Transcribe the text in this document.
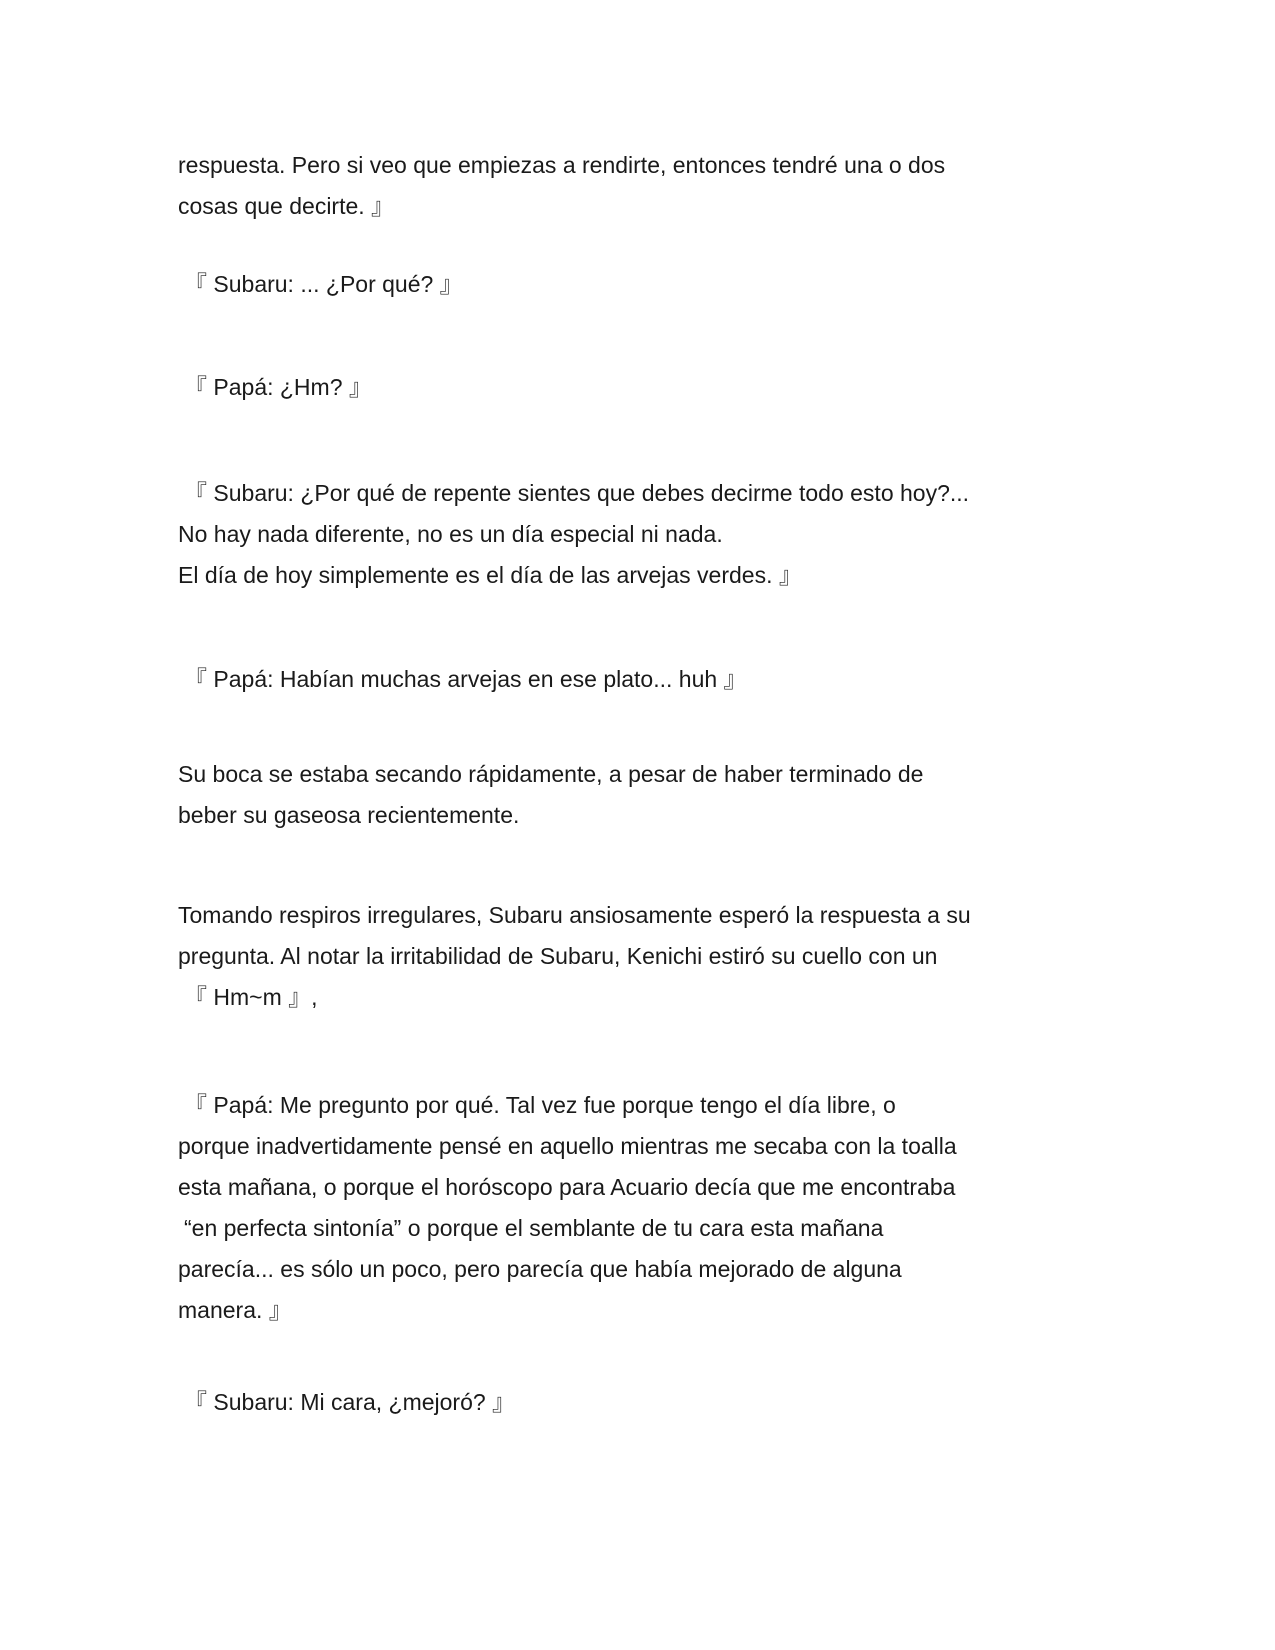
respuesta. Pero si veo que empiezas a rendirte, entonces tendré una o dos
cosas que decirte. 』
『 Subaru: ... ¿Por qué? 』
『 Papá: ¿Hm? 』
『 Subaru: ¿Por qué de repente sientes que debes decirme todo esto hoy?...
No hay nada diferente, no es un día especial ni nada.
El día de hoy simplemente es el día de las arvejas verdes. 』
『 Papá: Habían muchas arvejas en ese plato... huh 』
Su boca se estaba secando rápidamente, a pesar de haber terminado de
beber su gaseosa recientemente.
Tomando respiros irregulares, Subaru ansiosamente esperó la respuesta a su
pregunta. Al notar la irritabilidad de Subaru, Kenichi estiró su cuello con un
『 Hm~m 』,
『 Papá: Me pregunto por qué. Tal vez fue porque tengo el día libre, o
porque inadvertidamente pensé en aquello mientras me secaba con la toalla
esta mañana, o porque el horóscopo para Acuario decía que me encontraba
“en perfecta sintonía” o porque el semblante de tu cara esta mañana
parecía... es sólo un poco, pero parecía que había mejorado de alguna
manera. 』
『 Subaru: Mi cara, ¿mejoró? 』
